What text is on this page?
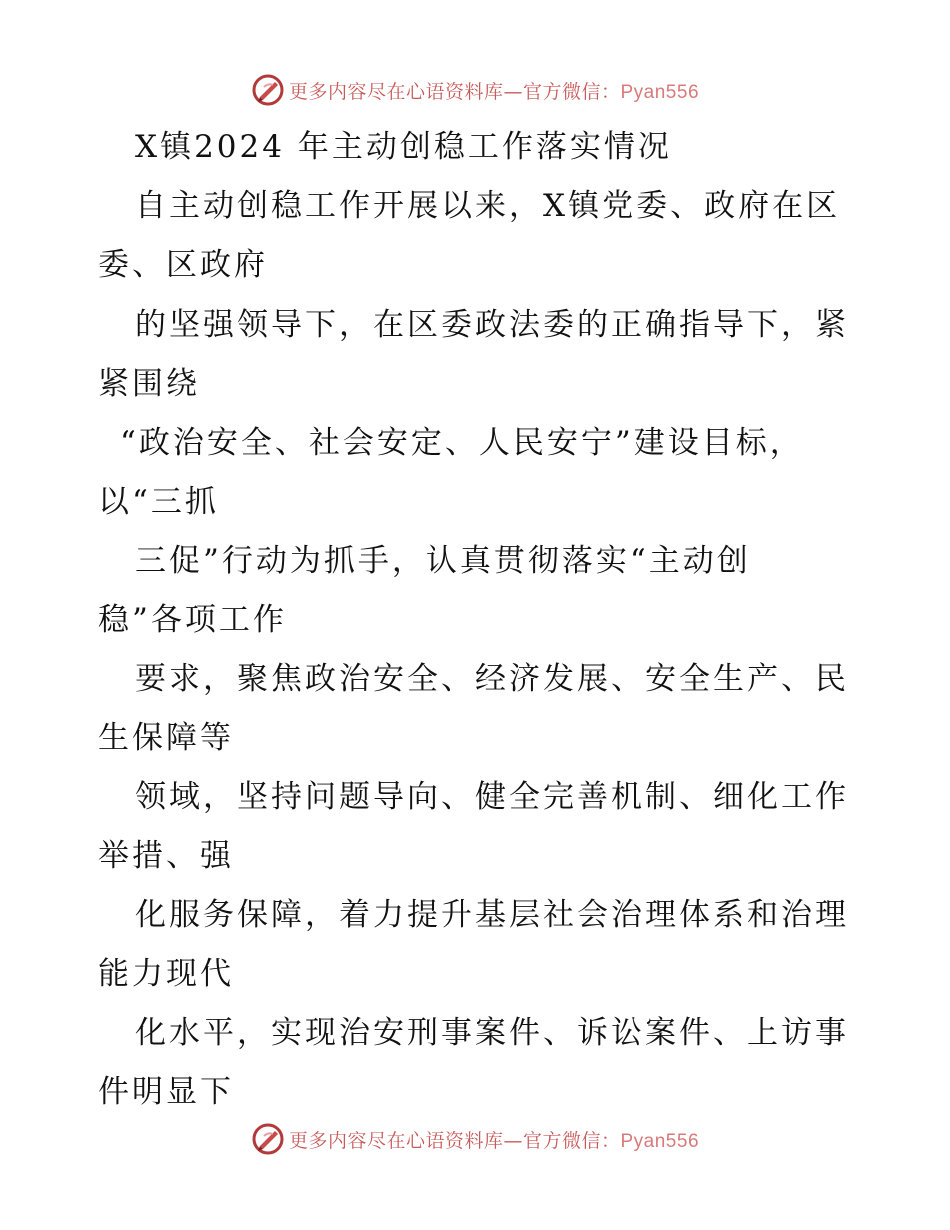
更多内容尽在心语资料库—官方微信：Pyan556
X镇2024 年主动创稳工作落实情况
自主动创稳工作开展以来，X镇党委、政府在区
委、区政府
的坚强领导下，在区委政法委的正确指导下，紧
紧围绕
“政治安全、社会安定、人民安宁”建设目标，
以“三抓
三促”行动为抓手，认真贯彻落实“主动创
稳”各项工作
要求，聚焦政治安全、经济发展、安全生产、民
生保障等
领域，坚持问题导向、健全完善机制、细化工作
举措、强
化服务保障，着力提升基层社会治理体系和治理
能力现代
化水平，实现治安刑事案件、诉讼案件、上访事
件明显下
更多内容尽在心语资料库—官方微信：Pyan556
